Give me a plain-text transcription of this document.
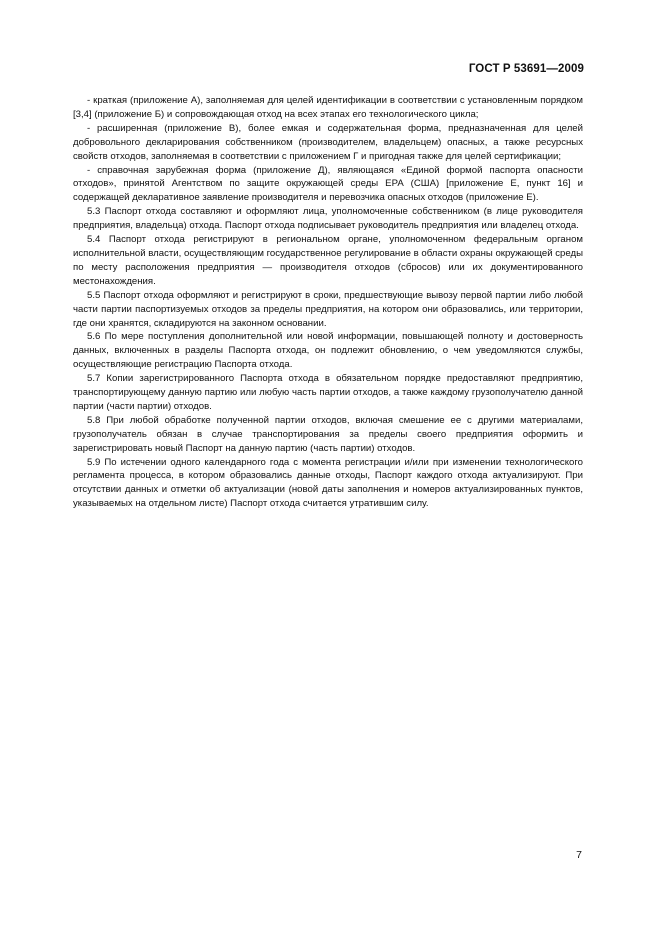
ГОСТ Р 53691—2009

- краткая (приложение А), заполняемая для целей идентификации в соответствии с установленным порядком [3,4] (приложение Б) и сопровождающая отход на всех этапах его технологического цикла;

- расширенная (приложение В), более емкая и содержательная форма, предназначенная для целей добровольного декларирования собственником (производителем, владельцем) опасных, а также ресурсных свойств отходов, заполняемая в соответствии с приложением Г и пригодная также для целей сертификации;

- справочная зарубежная форма (приложение Д), являющаяся «Единой формой паспорта опасности отходов», принятой Агентством по защите окружающей среды ЕРА (США) [приложение Е, пункт 16] и содержащей декларативное заявление производителя и перевозчика опасных отходов (приложение Е).

5.3 Паспорт отхода составляют и оформляют лица, уполномоченные собственником (в лице руководителя предприятия, владельца) отхода. Паспорт отхода подписывает руководитель предприятия или владелец отхода.

5.4 Паспорт отхода регистрируют в региональном органе, уполномоченном федеральным органом исполнительной власти, осуществляющим государственное регулирование в области охраны окружающей среды по месту расположения предприятия — производителя отходов (сбросов) или их документированного местонахождения.

5.5 Паспорт отхода оформляют и регистрируют в сроки, предшествующие вывозу первой партии либо любой части партии паспортизуемых отходов за пределы предприятия, на котором они образовались, или территории, где они хранятся, складируются на законном основании.

5.6 По мере поступления дополнительной или новой информации, повышающей полноту и достоверность данных, включенных в разделы Паспорта отхода, он подлежит обновлению, о чем уведомляются службы, осуществляющие регистрацию Паспорта отхода.

5.7 Копии зарегистрированного Паспорта отхода в обязательном порядке предоставляют предприятию, транспортирующему данную партию или любую часть партии отходов, а также каждому грузополучателю данной партии (части партии) отходов.

5.8 При любой обработке полученной партии отходов, включая смешение ее с другими материалами, грузополучатель обязан в случае транспортирования за пределы своего предприятия оформить и зарегистрировать новый Паспорт на данную партию (часть партии) отходов.

5.9 По истечении одного календарного года с момента регистрации и/или при изменении технологического регламента процесса, в котором образовались данные отходы, Паспорт каждого отхода актуализируют. При отсутствии данных и отметки об актуализации (новой даты заполнения и номеров актуализированных пунктов, указываемых на отдельном листе) Паспорт отхода считается утратившим силу.

7
